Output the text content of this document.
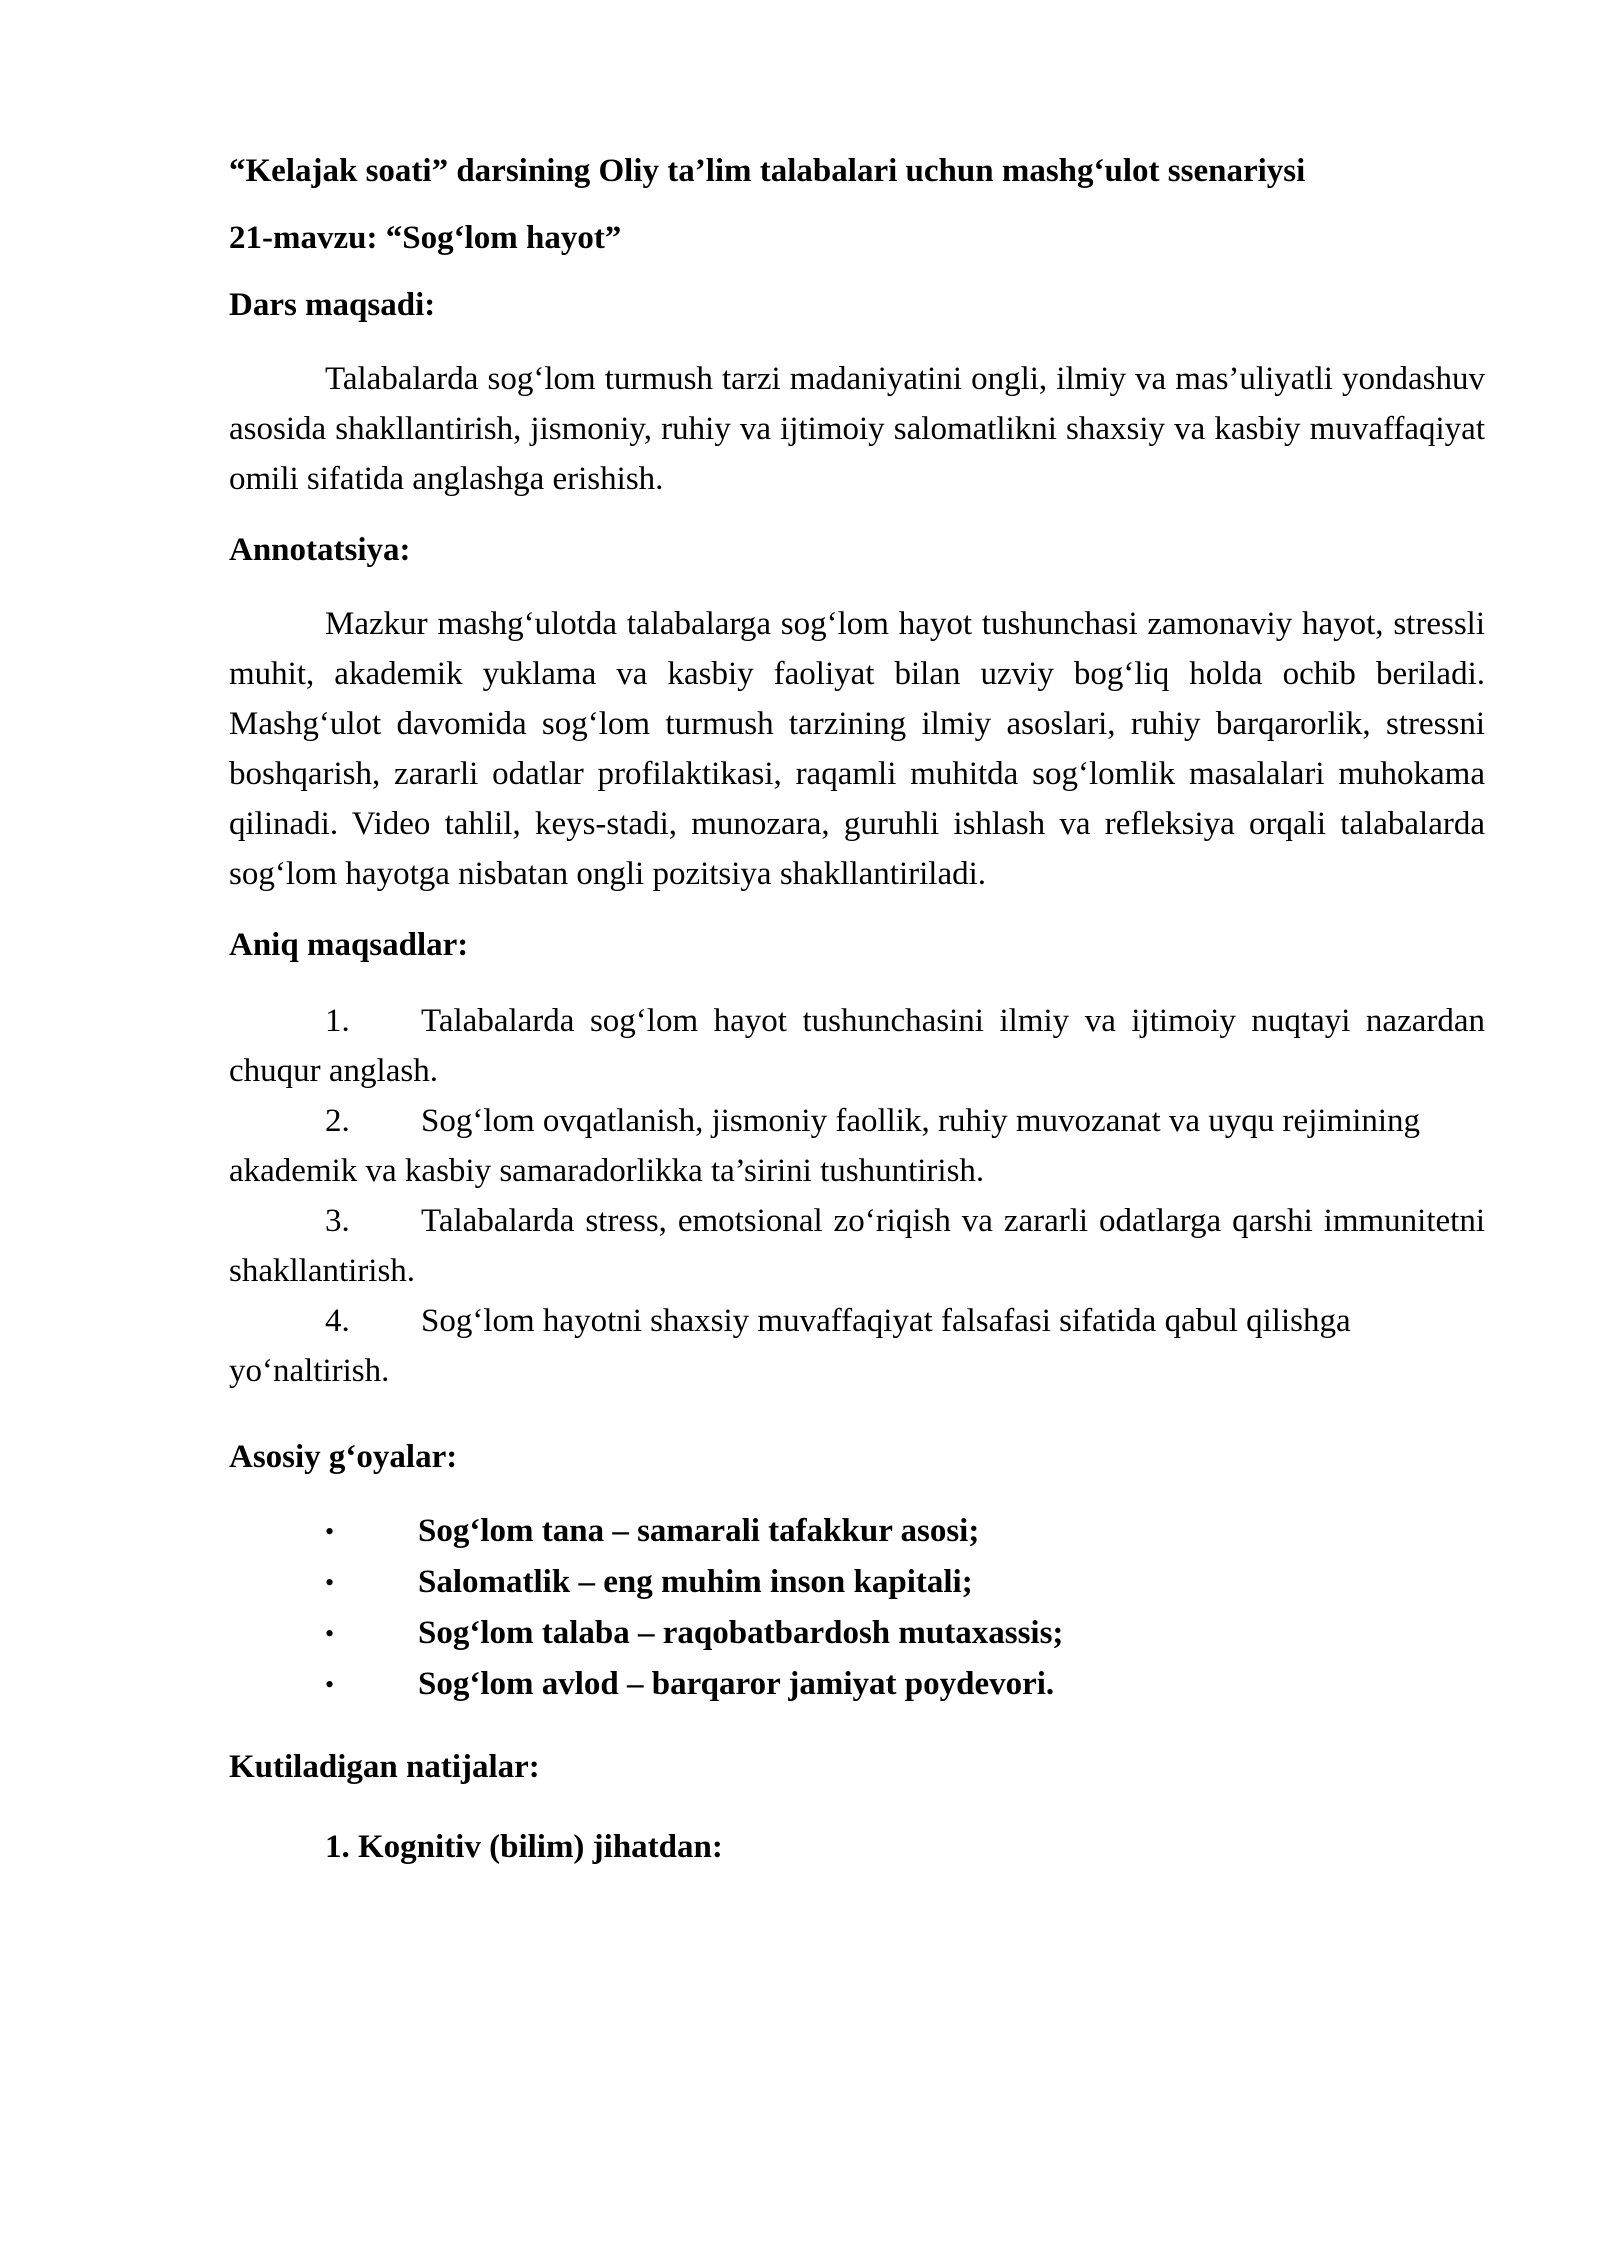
“Kelajak soati” darsining Oliy ta’lim talabalari uchun mashg‘ulot ssenariysi

21-mavzu: “Sog‘lom hayot”

Dars maqsadi:

Talabalarda sog‘lom turmush tarzi madaniyatini ongli, ilmiy va mas’uliyatli yondashuv asosida shakllantirish, jismoniy, ruhiy va ijtimoiy salomatlikni shaxsiy va kasbiy muvaffaqiyat omili sifatida anglashga erishish.

Annotatsiya:

Mazkur mashg‘ulotda talabalarga sog‘lom hayot tushunchasi zamonaviy hayot, stressli muhit, akademik yuklama va kasbiy faoliyat bilan uzviy bog‘liq holda ochib beriladi. Mashg‘ulot davomida sog‘lom turmush tarzining ilmiy asoslari, ruhiy barqarorlik, stressni boshqarish, zararli odatlar profilaktikasi, raqamli muhitda sog‘lomlik masalalari muhokama qilinadi. Video tahlil, keys-stadi, munozara, guruhli ishlash va refleksiya orqali talabalarda sog‘lom hayotga nisbatan ongli pozitsiya shakllantiriladi.

Aniq maqsadlar:

1. Talabalarda sog‘lom hayot tushunchasini ilmiy va ijtimoiy nuqtayi nazardan chuqur anglash.
2. Sog‘lom ovqatlanish, jismoniy faollik, ruhiy muvozanat va uyqu rejimining akademik va kasbiy samaradorlikka ta’sirini tushuntirish.
3. Talabalarda stress, emotsional zo‘riqish va zararli odatlarga qarshi immunitetni shakllantirish.
4. Sog‘lom hayotni shaxsiy muvaffaqiyat falsafasi sifatida qabul qilishga yo‘naltirish.

Asosiy g‘oyalar:

•	Sog‘lom tana – samarali tafakkur asosi;
•	Salomatlik – eng muhim inson kapitali;
•	Sog‘lom talaba – raqobatbardosh mutaxassis;
•	Sog‘lom avlod – barqaror jamiyat poydevori.

Kutiladigan natijalar:

1. Kognitiv (bilim) jihatdan:
